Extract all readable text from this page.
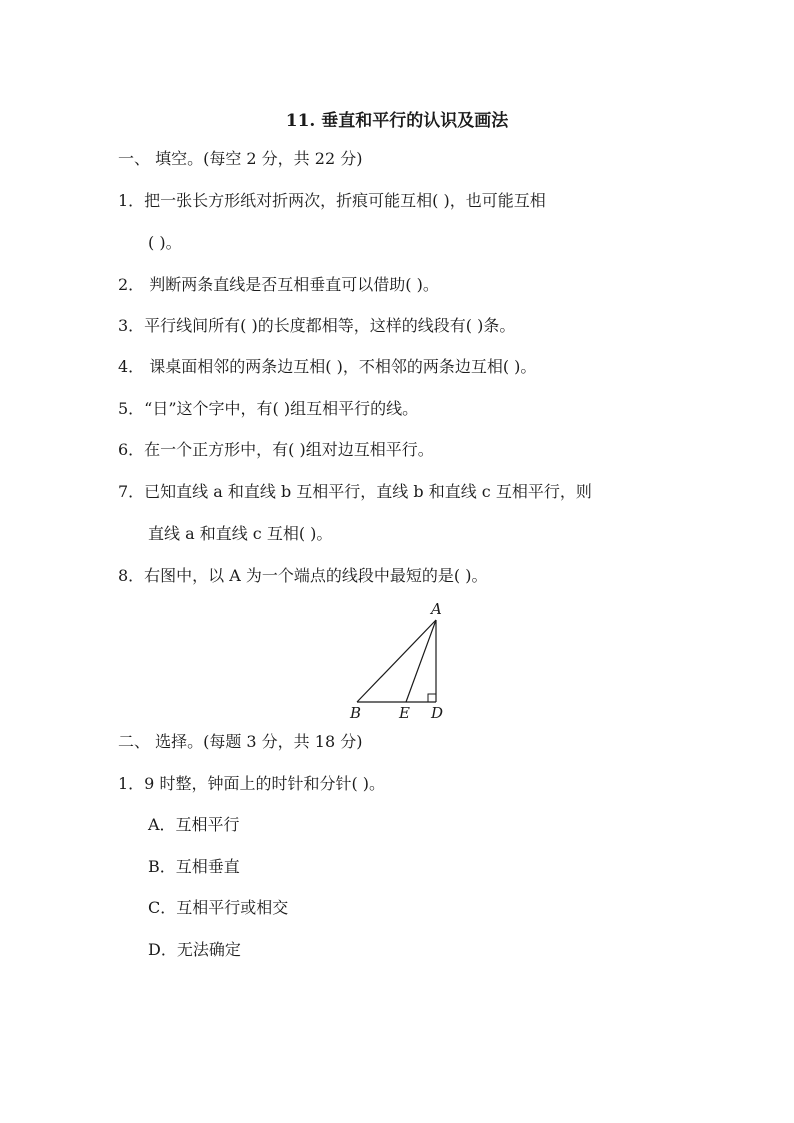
11. 垂直和平行的认识及画法
一、 填空。(每空 2 分，共 22 分)
1．把一张长方形纸对折两次，折痕可能互相( )，也可能互相
( )。
2． 判断两条直线是否互相垂直可以借助( )。
3．平行线间所有( )的长度都相等，这样的线段有( )条。
4． 课桌面相邻的两条边互相( )，不相邻的两条边互相( )。
5．“日”这个字中，有( )组互相平行的线。
6．在一个正方形中，有( )组对边互相平行。
7．已知直线 a 和直线 b 互相平行，直线 b 和直线 c 互相平行，则
直线 a 和直线 c 互相( )。
8．右图中，以 A 为一个端点的线段中最短的是( )。
A
B	E D
二、 选择。(每题 3 分，共 18 分)
1．9 时整，钟面上的时针和分针( )。
A．互相平行
B．互相垂直
C．互相平行或相交
D．无法确定
